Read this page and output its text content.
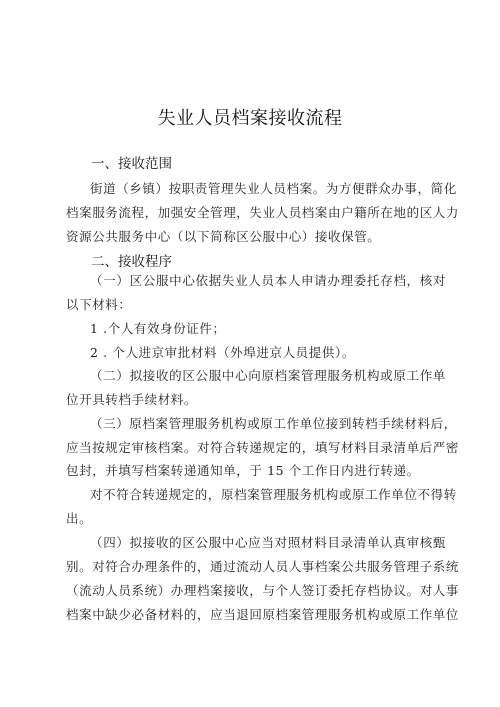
失业人员档案接收流程
一、接收范围
街道（乡镇）按职责管理失业人员档案。为方便群众办事，简化
档案服务流程，加强安全管理，失业人员档案由户籍所在地的区人力
资源公共服务中心（以下简称区公服中心）接收保管。
二、接收程序
（一）区公服中心依据失业人员本人申请办理委托存档，核对
以下材料：
1 .个人有效身份证件；
2 . 个人进京审批材料（外埠进京人员提供）。
（二）拟接收的区公服中心向原档案管理服务机构或原工作单
位开具转档手续材料。
（三）原档案管理服务机构或原工作单位接到转档手续材料后，
应当按规定审核档案。对符合转递规定的，填写材料目录清单后严密
包封，并填写档案转递通知单，于 15 个工作日内进行转递。
对不符合转递规定的，原档案管理服务机构或原工作单位不得转
出。
（四）拟接收的区公服中心应当对照材料目录清单认真审核甄
别。对符合办理条件的，通过流动人员人事档案公共服务管理子系统
（流动人员系统）办理档案接收，与个人签订委托存档协议。对人事
档案中缺少必备材料的，应当退回原档案管理服务机构或原工作单位
